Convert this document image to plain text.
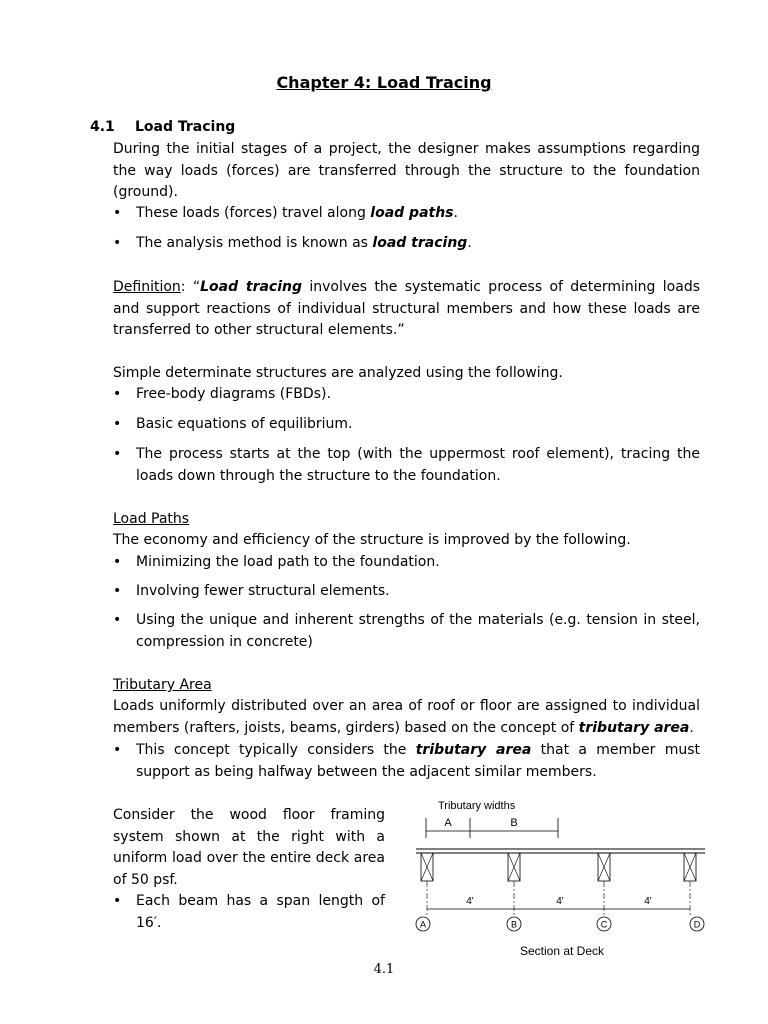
Chapter 4: Load Tracing
4.1 Load Tracing
During the initial stages of a project, the designer makes assumptions regarding the way loads (forces) are transferred through the structure to the foundation (ground).
• These loads (forces) travel along load paths.
• The analysis method is known as load tracing.
Definition: “Load tracing involves the systematic process of determining loads and support reactions of individual structural members and how these loads are transferred to other structural elements.”
Simple determinate structures are analyzed using the following.
• Free-body diagrams (FBDs).
• Basic equations of equilibrium.
• The process starts at the top (with the uppermost roof element), tracing the loads down through the structure to the foundation.
Load Paths
The economy and efficiency of the structure is improved by the following.
• Minimizing the load path to the foundation.
• Involving fewer structural elements.
• Using the unique and inherent strengths of the materials (e.g. tension in steel, compression in concrete)
Tributary Area
Loads uniformly distributed over an area of roof or floor are assigned to individual members (rafters, joists, beams, girders) based on the concept of tributary area.
• This concept typically considers the tributary area that a member must support as being halfway between the adjacent similar members.
Consider the wood floor framing system shown at the right with a uniform load over the entire deck area of 50 psf.
• Each beam has a span length of 16′.
Tributary widths
A	B
4'	4'	4'
A	B	C	D
Section at Deck
4.1
